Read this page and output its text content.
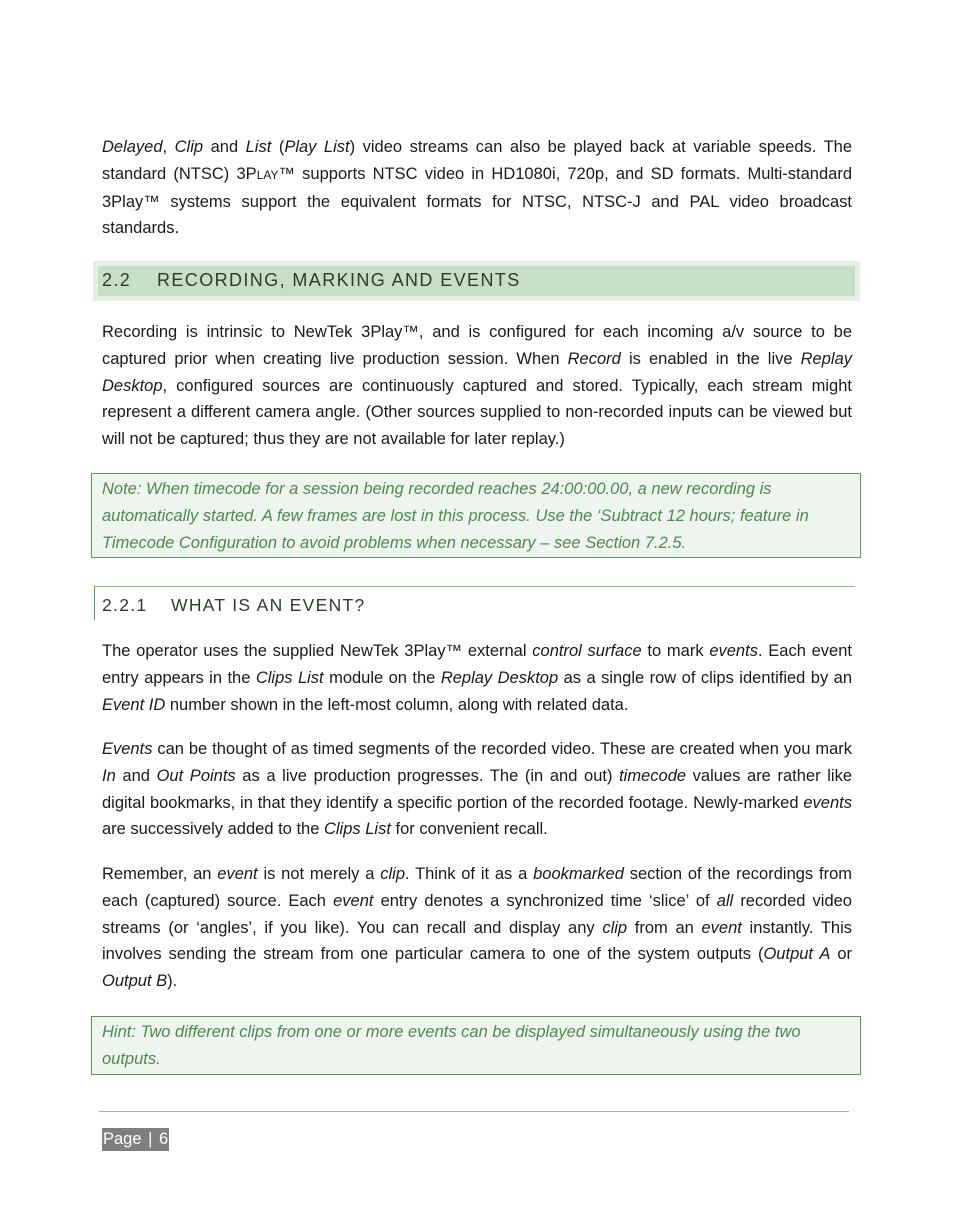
Delayed, Clip and List (Play List) video streams can also be played back at variable speeds. The standard (NTSC) 3PLAY™ supports NTSC video in HD1080i, 720p, and SD formats. Multi-standard 3Play™ systems support the equivalent formats for NTSC, NTSC-J and PAL video broadcast standards.

2.2 RECORDING, MARKING AND EVENTS

Recording is intrinsic to NewTek 3Play™, and is configured for each incoming a/v source to be captured prior when creating live production session. When Record is enabled in the live Replay Desktop, configured sources are continuously captured and stored. Typically, each stream might represent a different camera angle. (Other sources supplied to non-recorded inputs can be viewed but will not be captured; thus they are not available for later replay.)

Note: When timecode for a session being recorded reaches 24:00:00.00, a new recording is automatically started. A few frames are lost in this process. Use the ‘Subtract 12 hours; feature in Timecode Configuration to avoid problems when necessary – see Section 7.2.5.
2.2.1 WHAT IS AN EVENT?

The operator uses the supplied NewTek 3Play™ external control surface to mark events. Each event entry appears in the Clips List module on the Replay Desktop as a single row of clips identified by an Event ID number shown in the left-most column, along with related data.

Events can be thought of as timed segments of the recorded video. These are created when you mark In and Out Points as a live production progresses. The (in and out) timecode values are rather like digital bookmarks, in that they identify a specific portion of the recorded footage. Newly-marked events are successively added to the Clips List for convenient recall.

Remember, an event is not merely a clip. Think of it as a bookmarked section of the recordings from each (captured) source. Each event entry denotes a synchronized time ‘slice’ of all recorded video streams (or ‘angles’, if you like). You can recall and display any clip from an event instantly. This involves sending the stream from one particular camera to one of the system outputs (Output A or Output B).

Hint: Two different clips from one or more events can be displayed simultaneously using the two outputs.
Page | 6
